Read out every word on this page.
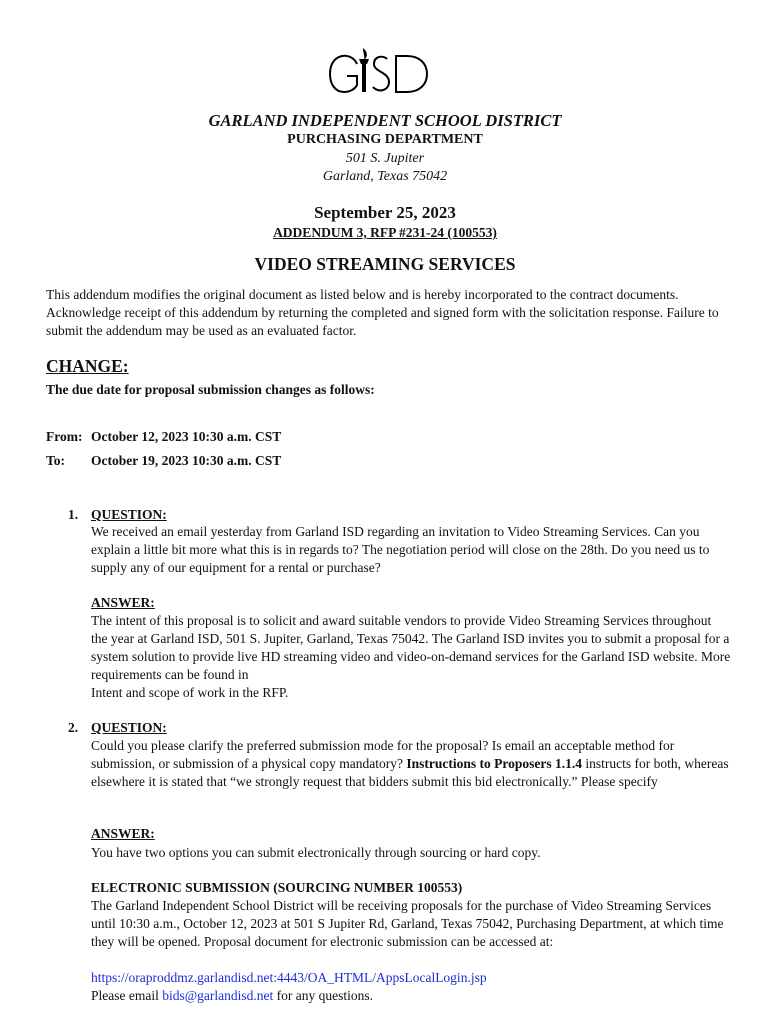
GARLAND INDEPENDENT SCHOOL DISTRICT
PURCHASING DEPARTMENT
501 S. Jupiter
Garland, Texas 75042
September 25, 2023
ADDENDUM 3, RFP #231-24 (100553)
VIDEO STREAMING SERVICES
This addendum modifies the original document as listed below and is hereby incorporated to the contract documents. Acknowledge receipt of this addendum by returning the completed and signed form with the solicitation response. Failure to submit the addendum may be used as an evaluated factor.
CHANGE:
The due date for proposal submission changes as follows:
From: October 12, 2023 10:30 a.m. CST
To: October 19, 2023 10:30 a.m. CST
1. QUESTION:
We received an email yesterday from Garland ISD regarding an invitation to Video Streaming Services. Can you explain a little bit more what this is in regards to? The negotiation period will close on the 28th. Do you need us to supply any of our equipment for a rental or purchase?
ANSWER:
The intent of this proposal is to solicit and award suitable vendors to provide Video Streaming Services throughout the year at Garland ISD, 501 S. Jupiter, Garland, Texas 75042. The Garland ISD invites you to submit a proposal for a system solution to provide live HD streaming video and video-on-demand services for the Garland ISD website. More requirements can be found in
Intent and scope of work in the RFP.
2. QUESTION:
Could you please clarify the preferred submission mode for the proposal? Is email an acceptable method for submission, or submission of a physical copy mandatory? Instructions to Proposers 1.1.4 instructs for both, whereas elsewhere it is stated that “we strongly request that bidders submit this bid electronically.” Please specify
ANSWER:
You have two options you can submit electronically through sourcing or hard copy.
ELECTRONIC SUBMISSION (SOURCING NUMBER 100553)
The Garland Independent School District will be receiving proposals for the purchase of Video Streaming Services until 10:30 a.m., October 12, 2023 at 501 S Jupiter Rd, Garland, Texas 75042, Purchasing Department, at which time they will be opened. Proposal document for electronic submission can be accessed at:
https://oraproddmz.garlandisd.net:4443/OA_HTML/AppsLocalLogin.jsp
Please email bids@garlandisd.net for any questions.
